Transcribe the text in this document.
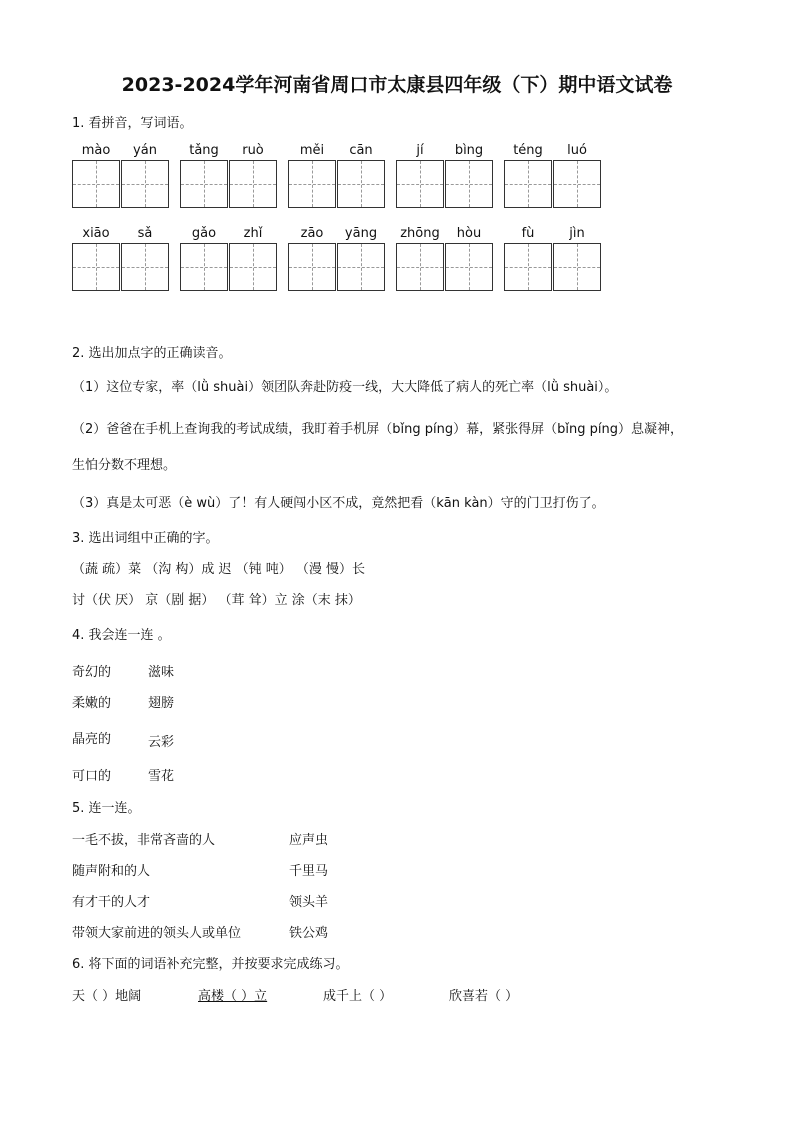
2023-2024学年河南省周口市太康县四年级（下）期中语文试卷
1. 看拼音，写词语。
mào	yán	tǎng	ruò	měi	cān	jí	bìng	téng	luó
xiāo	sǎ	gǎo	zhǐ	zāo	yāng	zhōng	hòu	fù	jìn
2. 选出加点字的正确读音。
（1）这位专家，率（lǜ shuài）领团队奔赴防疫一线，大大降低了病人的死亡率（lǜ shuài）。
（2）爸爸在手机上查询我的考试成绩，我盯着手机屏（bǐng píng）幕，紧张得屏（bǐng píng）息凝神，
生怕分数不理想。
（3）真是太可恶（è wù）了！有人硬闯小区不成，竟然把看（kān kàn）守的门卫打伤了。
3. 选出词组中正确的字。
（蔬 疏）菜 （沟 构）成 迟 （钝 吨） （漫 慢）长
讨（伏 厌） 京（剧 据） （茸 耸）立 涂（末 抹）
4. 我会连一连 。
奇幻的	滋味
柔嫩的	翅膀
晶亮的	云彩
可口的	雪花
5. 连一连。
一毛不拔，非常吝啬的人	应声虫
随声附和的人	千里马
有才干的人才	领头羊
带领大家前进的领头人或单位	铁公鸡
6. 将下面的词语补充完整，并按要求完成练习。
天（ ）地阔	高楼（ ）立	成千上（ ）	欣喜若（ ）
